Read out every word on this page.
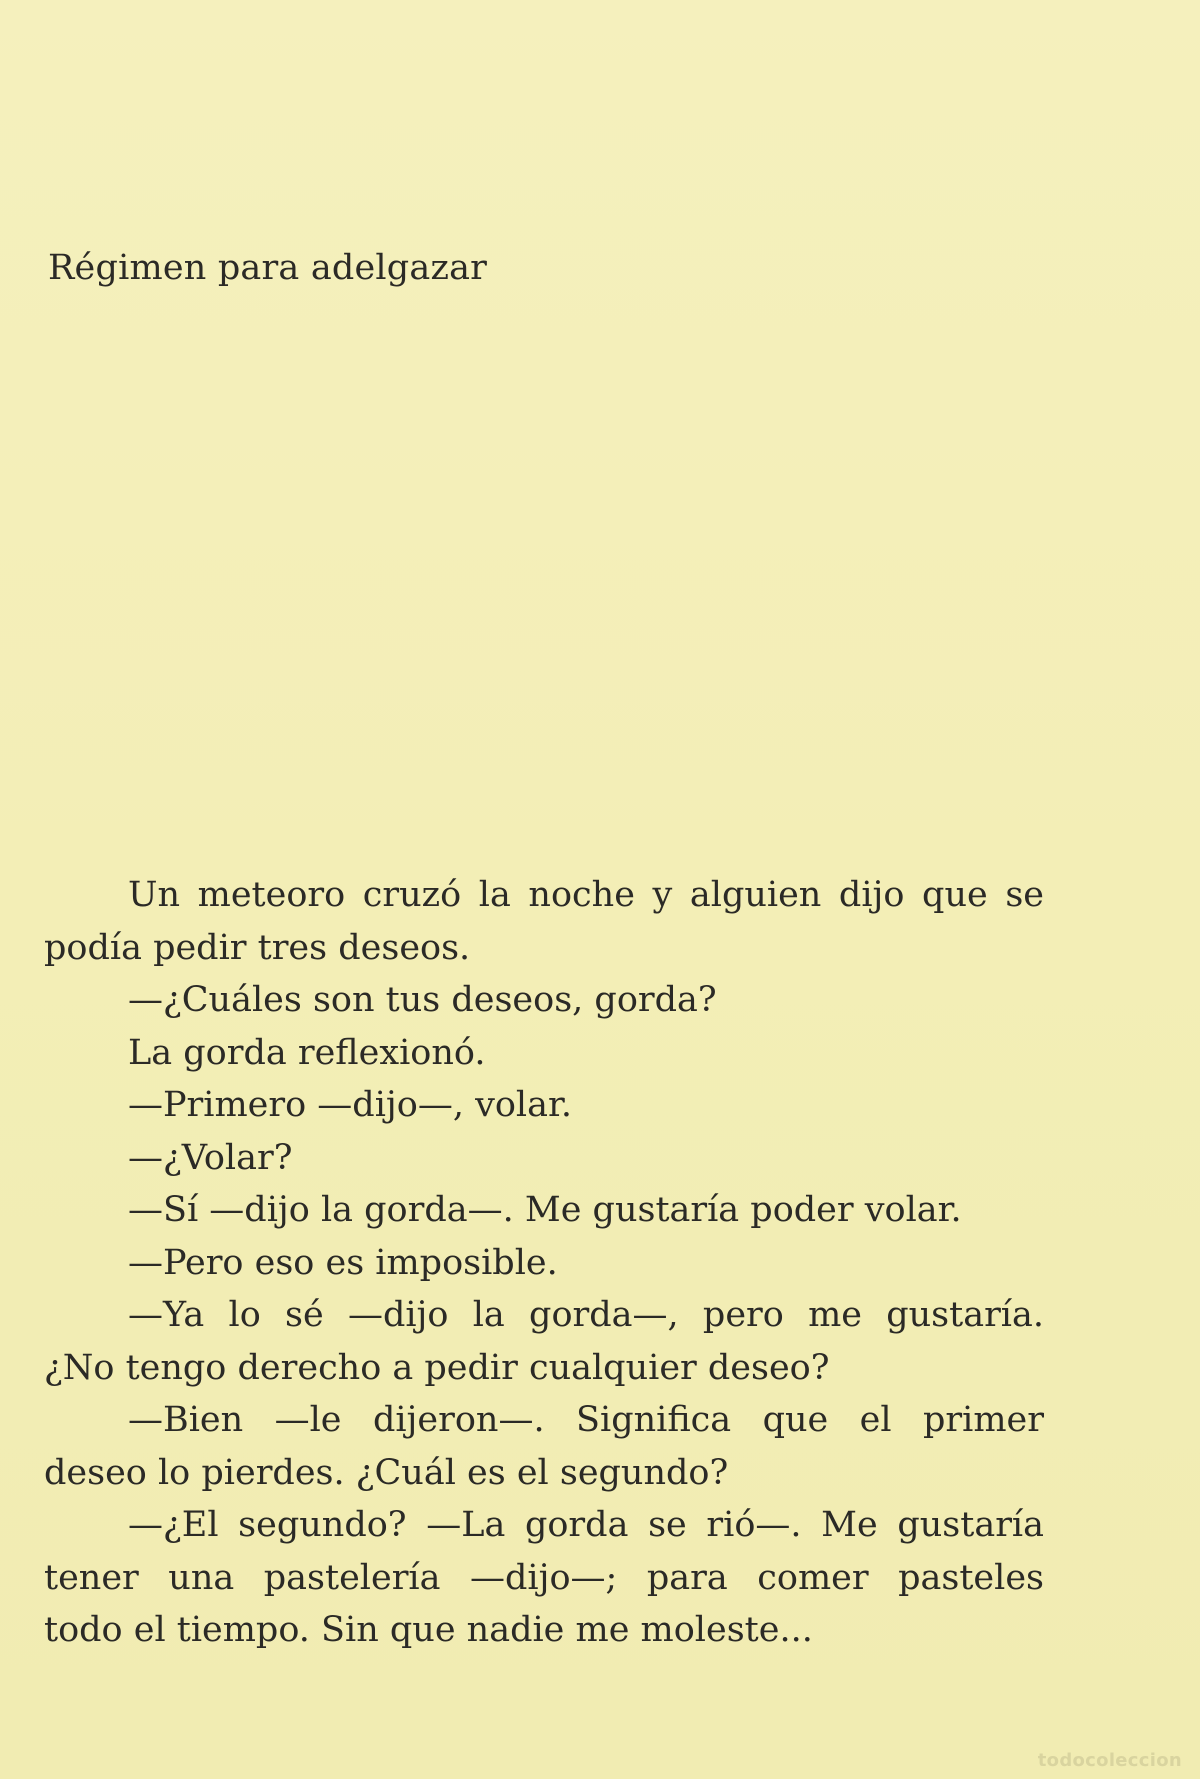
Régimen para adelgazar
Un meteoro cruzó la noche y alguien dijo que se
podía pedir tres deseos.
—¿Cuáles son tus deseos, gorda?
La gorda reflexionó.
—Primero —dijo—, volar.
—¿Volar?
—Sí —dijo la gorda—. Me gustaría poder volar.
—Pero eso es imposible.
—Ya lo sé —dijo la gorda—, pero me gustaría.
¿No tengo derecho a pedir cualquier deseo?
—Bien —le dijeron—. Significa que el primer
deseo lo pierdes. ¿Cuál es el segundo?
—¿El segundo? —La gorda se rió—. Me gustaría
tener una pastelería —dijo—; para comer pasteles
todo el tiempo. Sin que nadie me moleste...
todocoleccion
